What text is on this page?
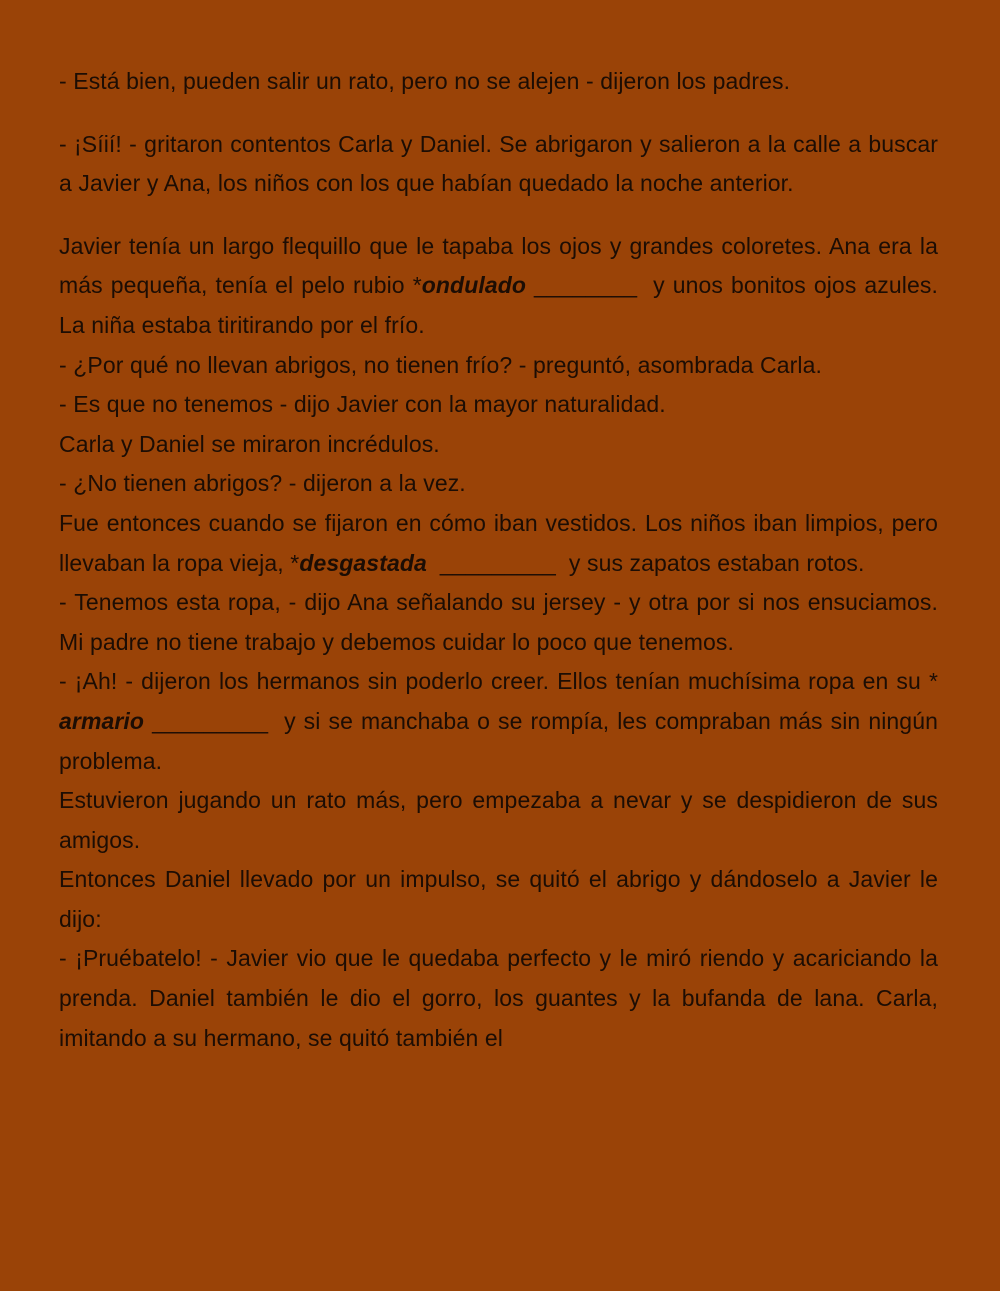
- Está bien, pueden salir un rato, pero no se alejen - dijeron los padres.

- ¡Síií! - gritaron contentos Carla y Daniel. Se abrigaron y salieron a la calle a buscar a Javier y Ana, los niños con los que habían quedado la noche anterior.

Javier tenía un largo flequillo que le tapaba los ojos y grandes coloretes. Ana era la más pequeña, tenía el pelo rubio *ondulado ________  y unos bonitos ojos azules. La niña estaba tiritirando por el frío.

- ¿Por qué no llevan abrigos, no tienen frío? - preguntó, asombrada Carla.

- Es que no tenemos - dijo Javier con la mayor naturalidad.

Carla y Daniel se miraron incrédulos.

- ¿No tienen abrigos? - dijeron a la vez.

Fue entonces cuando se fijaron en cómo iban vestidos. Los niños iban limpios, pero llevaban la ropa vieja, *desgastada  _________  y sus zapatos estaban rotos.

- Tenemos esta ropa, - dijo Ana señalando su jersey - y otra por si nos ensuciamos. Mi padre no tiene trabajo y debemos cuidar lo poco que tenemos.

- ¡Ah! - dijeron los hermanos sin poderlo creer. Ellos tenían muchísima ropa en su * armario _________  y si se manchaba o se rompía, les compraban más sin ningún problema.

Estuvieron jugando un rato más, pero empezaba a nevar y se despidieron de sus amigos.

Entonces Daniel llevado por un impulso, se quitó el abrigo y dándoselo a Javier le dijo:

- ¡Pruébatelo! - Javier vio que le quedaba perfecto y le miró riendo y acariciando la prenda. Daniel también le dio el gorro, los guantes y la bufanda de lana. Carla, imitando a su hermano, se quitó también el
